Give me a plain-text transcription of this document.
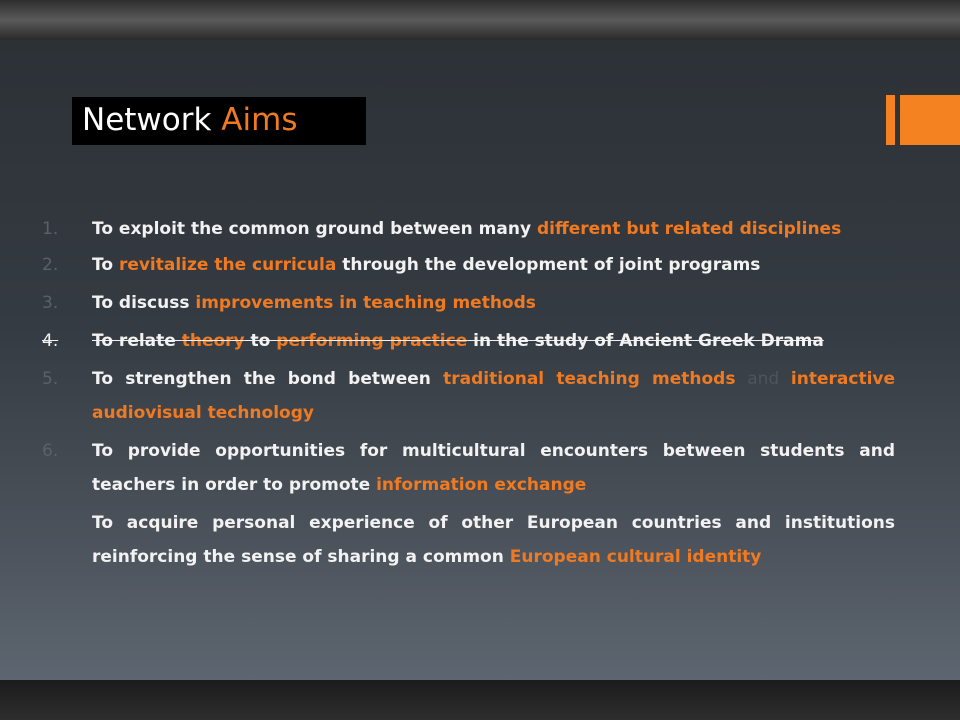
Network Aims
1.	To exploit the common ground between many different but related disciplines
2.	To revitalize the curricula through the development of joint programs
3.	To discuss improvements in teaching methods
4.	To relate theory to performing practice in the study of Ancient Greek Drama
5.	To strengthen the bond between traditional teaching methods and interactive audiovisual technology
6.	To provide opportunities for multicultural encounters between students and teachers in order to promote information exchange
To acquire personal experience of other European countries and institutions reinforcing the sense of sharing a common European cultural identity
